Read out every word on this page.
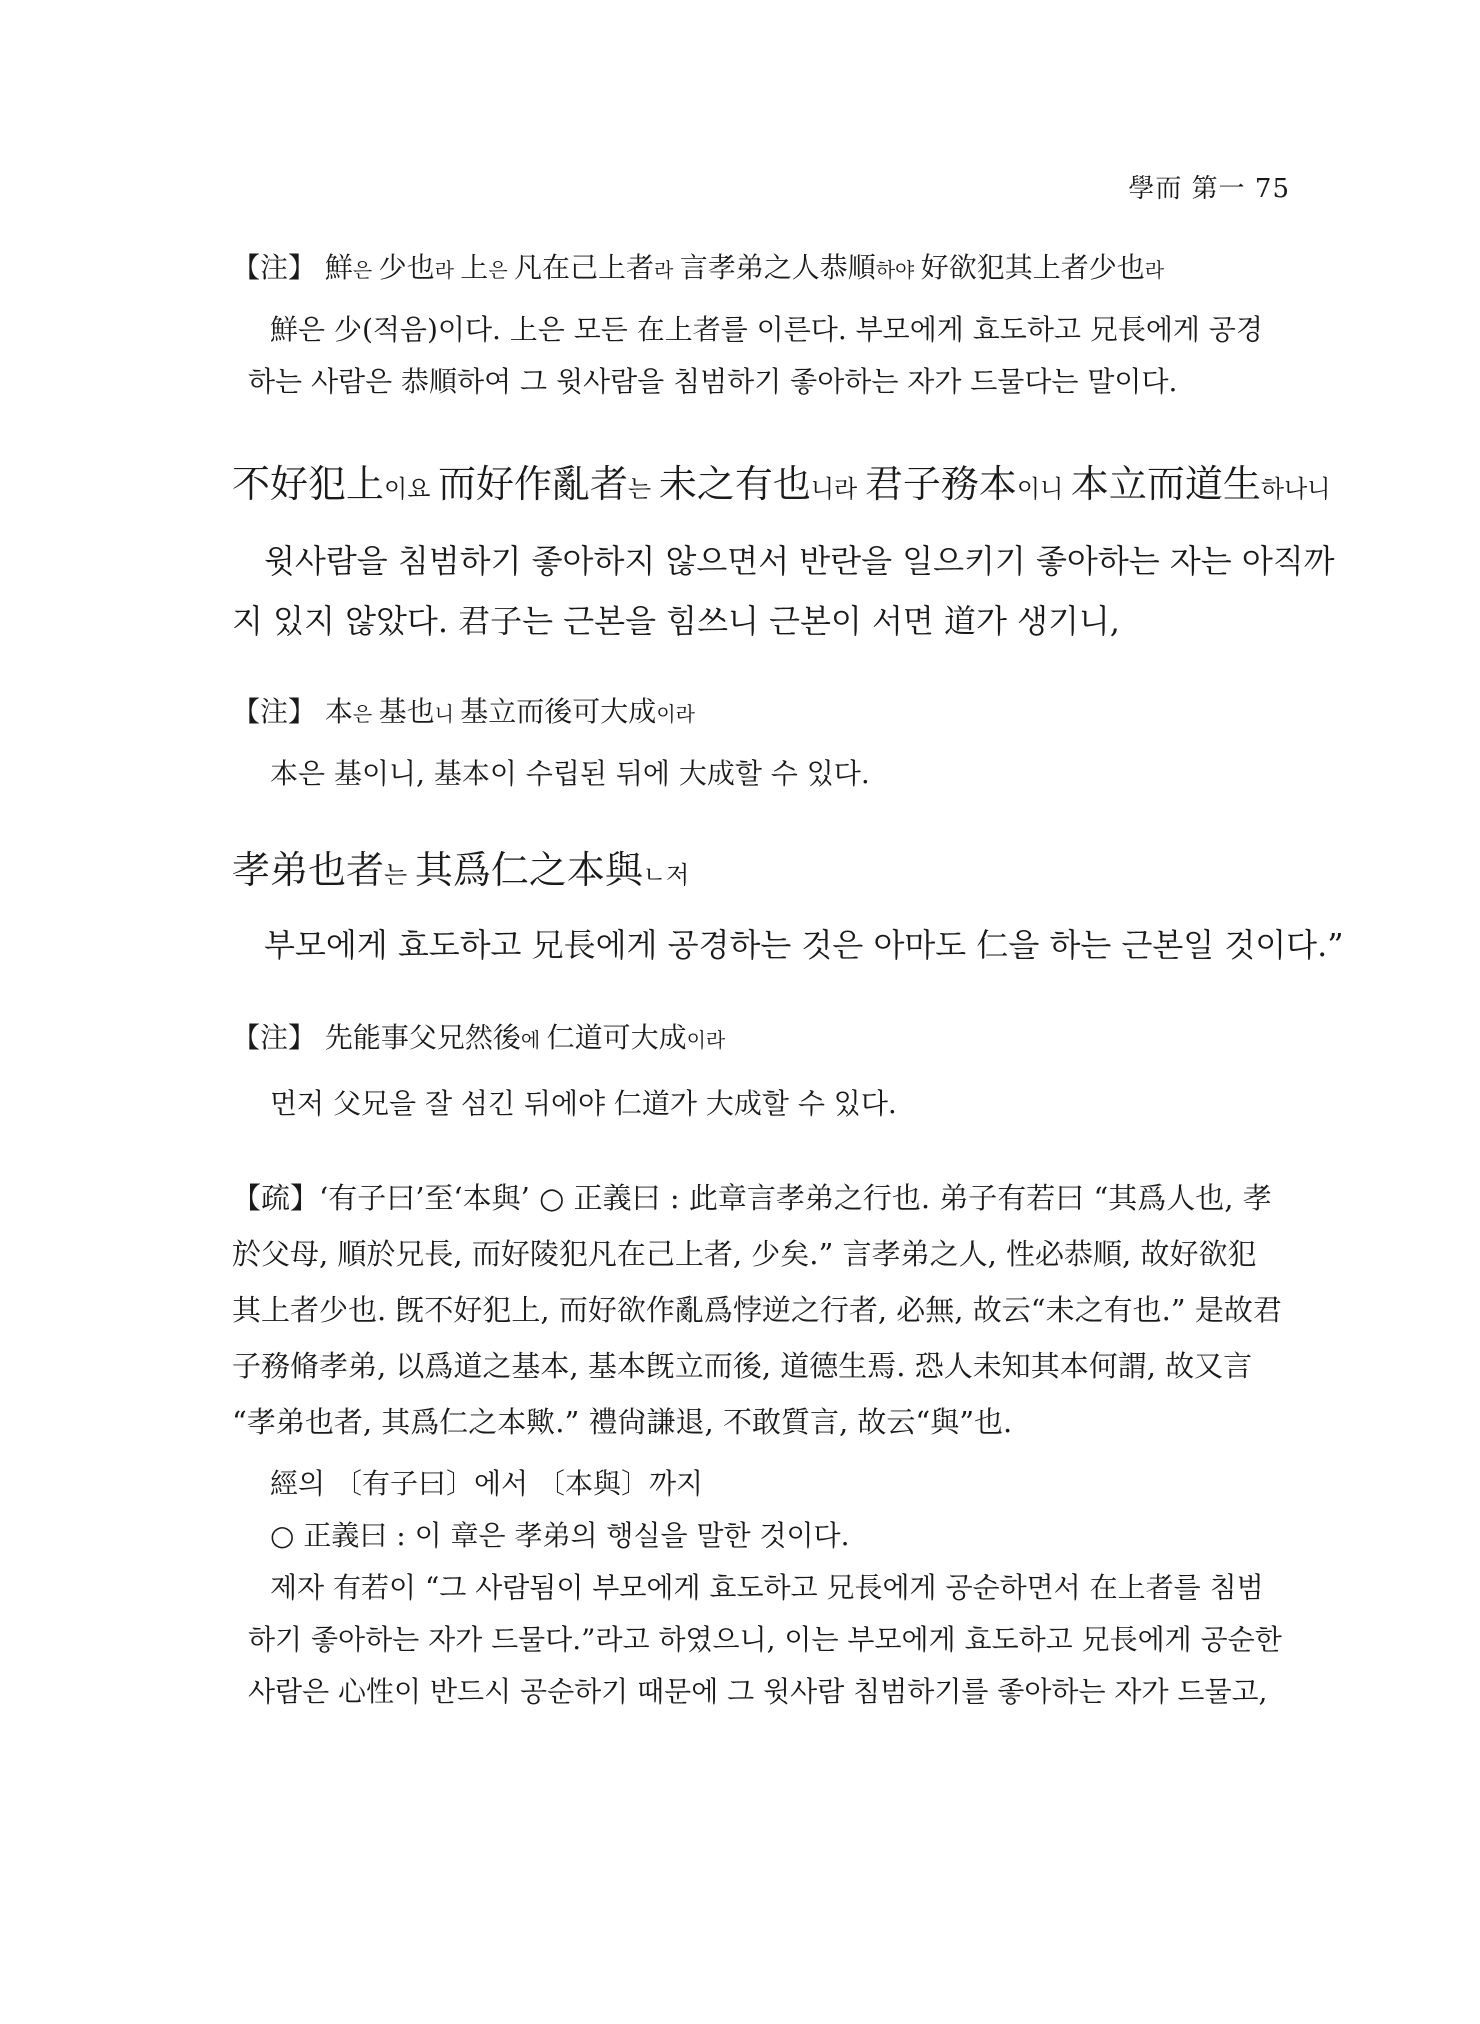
學而 第一 75
【注】 鮮은 少也라 上은 凡在己上者라 言孝弟之人恭順하야 好欲犯其上者少也라
鮮은 少(적음)이다. 上은 모든 在上者를 이른다. 부모에게 효도하고 兄長에게 공경
하는 사람은 恭順하여 그 윗사람을 침범하기 좋아하는 자가 드물다는 말이다.
不好犯上이요 而好作亂者는 未之有也니라 君子務本이니 本立而道生하나니
윗사람을 침범하기 좋아하지 않으면서 반란을 일으키기 좋아하는 자는 아직까
지 있지 않았다. 君子는 근본을 힘쓰니 근본이 서면 道가 생기니,
【注】 本은 基也니 基立而後可大成이라
本은 基이니, 基本이 수립된 뒤에 大成할 수 있다.
孝弟也者는 其爲仁之本與ㄴ저
부모에게 효도하고 兄長에게 공경하는 것은 아마도 仁을 하는 근본일 것이다.”
【注】 先能事父兄然後에 仁道可大成이라
먼저 父兄을 잘 섬긴 뒤에야 仁道가 大成할 수 있다.
【疏】‘有子曰’至‘本與’ ○ 正義曰 : 此章言孝弟之行也. 弟子有若曰 “其爲人也, 孝
於父母, 順於兄長, 而好陵犯凡在己上者, 少矣.” 言孝弟之人, 性必恭順, 故好欲犯
其上者少也. 旣不好犯上, 而好欲作亂爲悖逆之行者, 必無, 故云“未之有也.” 是故君
子務脩孝弟, 以爲道之基本, 基本旣立而後, 道德生焉. 恐人未知其本何謂, 故又言
“孝弟也者, 其爲仁之本歟.” 禮尙謙退, 不敢質言, 故云“與”也.
經의 〔有子曰〕에서 〔本與〕까지
○ 正義曰 : 이 章은 孝弟의 행실을 말한 것이다.
제자 有若이 “그 사람됨이 부모에게 효도하고 兄長에게 공순하면서 在上者를 침범
하기 좋아하는 자가 드물다.”라고 하였으니, 이는 부모에게 효도하고 兄長에게 공순한
사람은 心性이 반드시 공순하기 때문에 그 윗사람 침범하기를 좋아하는 자가 드물고,
